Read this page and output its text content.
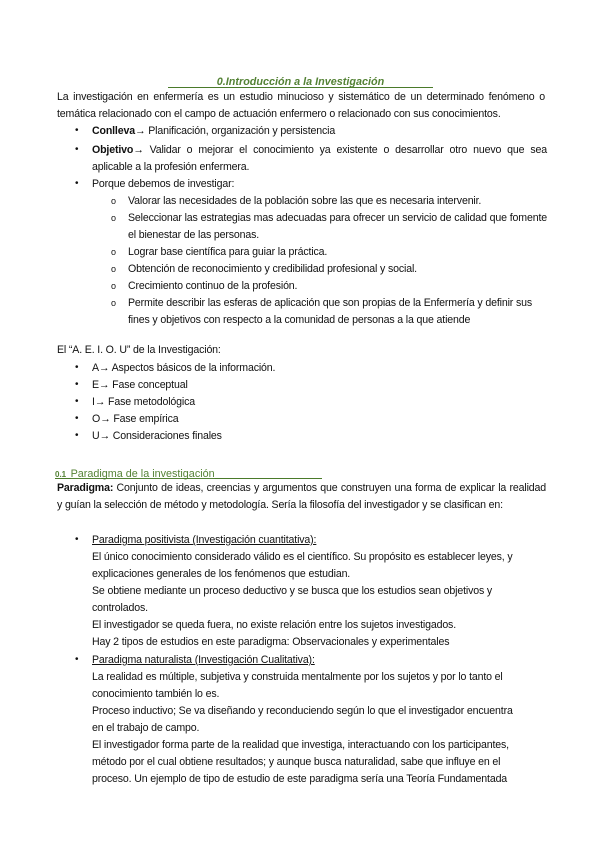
0.Introducción a la Investigación
La investigación en enfermería es un estudio minucioso y sistemático de un determinado fenómeno o temática relacionado con el campo de actuación enfermero o relacionado con sus conocimientos.
• Conlleva→ Planificación, organización y persistencia
• Objetivo→ Validar o mejorar el conocimiento ya existente o desarrollar otro nuevo que sea aplicable a la profesión enfermera.
• Porque debemos de investigar:
o Valorar las necesidades de la población sobre las que es necesaria intervenir.
o Seleccionar las estrategias mas adecuadas para ofrecer un servicio de calidad que fomente el bienestar de las personas.
o Lograr base científica para guiar la práctica.
o Obtención de reconocimiento y credibilidad profesional y social.
o Crecimiento continuo de la profesión.
o Permite describir las esferas de aplicación que son propias de la Enfermería y definir sus fines y objetivos con respecto a la comunidad de personas a la que atiende
El “A. E. I. O. U” de la Investigación:
• A→ Aspectos básicos de la información.
• E→ Fase conceptual
• I→ Fase metodológica
• O→ Fase empírica
• U→ Consideraciones finales
0.1 Paradigma de la investigación
Paradigma: Conjunto de ideas, creencias y argumentos que construyen una forma de explicar la realidad y guían la selección de método y metodología. Sería la filosofía del investigador y se clasifican en:
• Paradigma positivista (Investigación cuantitativa):
El único conocimiento considerado válido es el científico. Su propósito es establecer leyes, y
explicaciones generales de los fenómenos que estudian.
Se obtiene mediante un proceso deductivo y se busca que los estudios sean objetivos y
controlados.
El investigador se queda fuera, no existe relación entre los sujetos investigados.
Hay 2 tipos de estudios en este paradigma: Observacionales y experimentales
• Paradigma naturalista (Investigación Cualitativa):
La realidad es múltiple, subjetiva y construida mentalmente por los sujetos y por lo tanto el
conocimiento también lo es.
Proceso inductivo; Se va diseñando y reconduciendo según lo que el investigador encuentra
en el trabajo de campo.
El investigador forma parte de la realidad que investiga, interactuando con los participantes,
método por el cual obtiene resultados; y aunque busca naturalidad, sabe que influye en el
proceso. Un ejemplo de tipo de estudio de este paradigma sería una Teoría Fundamentada
